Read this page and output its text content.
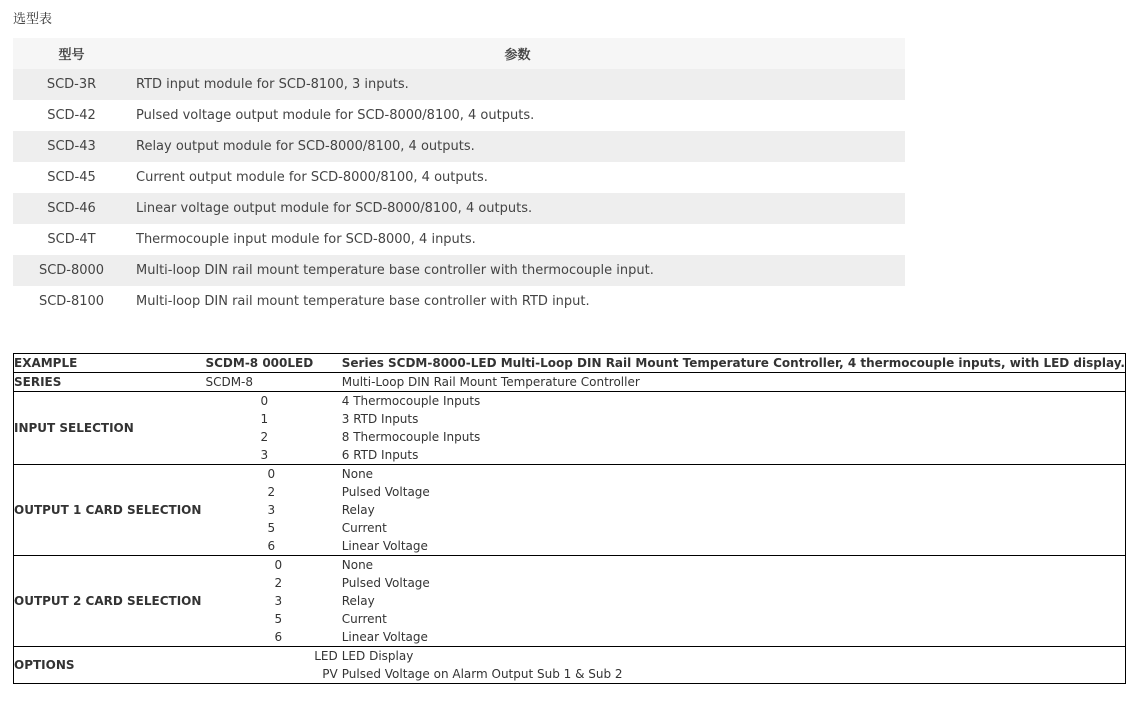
选型表
型号	参数
SCD-3R	RTD input module for SCD-8100, 3 inputs.
SCD-42	Pulsed voltage output module for SCD-8000/8100, 4 outputs.
SCD-43	Relay output module for SCD-8000/8100, 4 outputs.
SCD-45	Current output module for SCD-8000/8100, 4 outputs.
SCD-46	Linear voltage output module for SCD-8000/8100, 4 outputs.
SCD-4T	Thermocouple input module for SCD-8000, 4 inputs.
SCD-8000	Multi-loop DIN rail mount temperature base controller with thermocouple input.
SCD-8100	Multi-loop DIN rail mount temperature base controller with RTD input.
EXAMPLE	SCDM-8 000LED	Series SCDM-8000-LED Multi-Loop DIN Rail Mount Temperature Controller, 4 thermocouple inputs, with LED display.
SERIES	SCDM-8	Multi-Loop DIN Rail Mount Temperature Controller
INPUT SELECTION	0	4 Thermocouple Inputs
	1	3 RTD Inputs
	2	8 Thermocouple Inputs
	3	6 RTD Inputs
OUTPUT 1 CARD SELECTION	0	None
	2	Pulsed Voltage
	3	Relay
	5	Current
	6	Linear Voltage
OUTPUT 2 CARD SELECTION	0	None
	2	Pulsed Voltage
	3	Relay
	5	Current
	6	Linear Voltage
OPTIONS	LED	LED Display
	PV	Pulsed Voltage on Alarm Output Sub 1 & Sub 2
